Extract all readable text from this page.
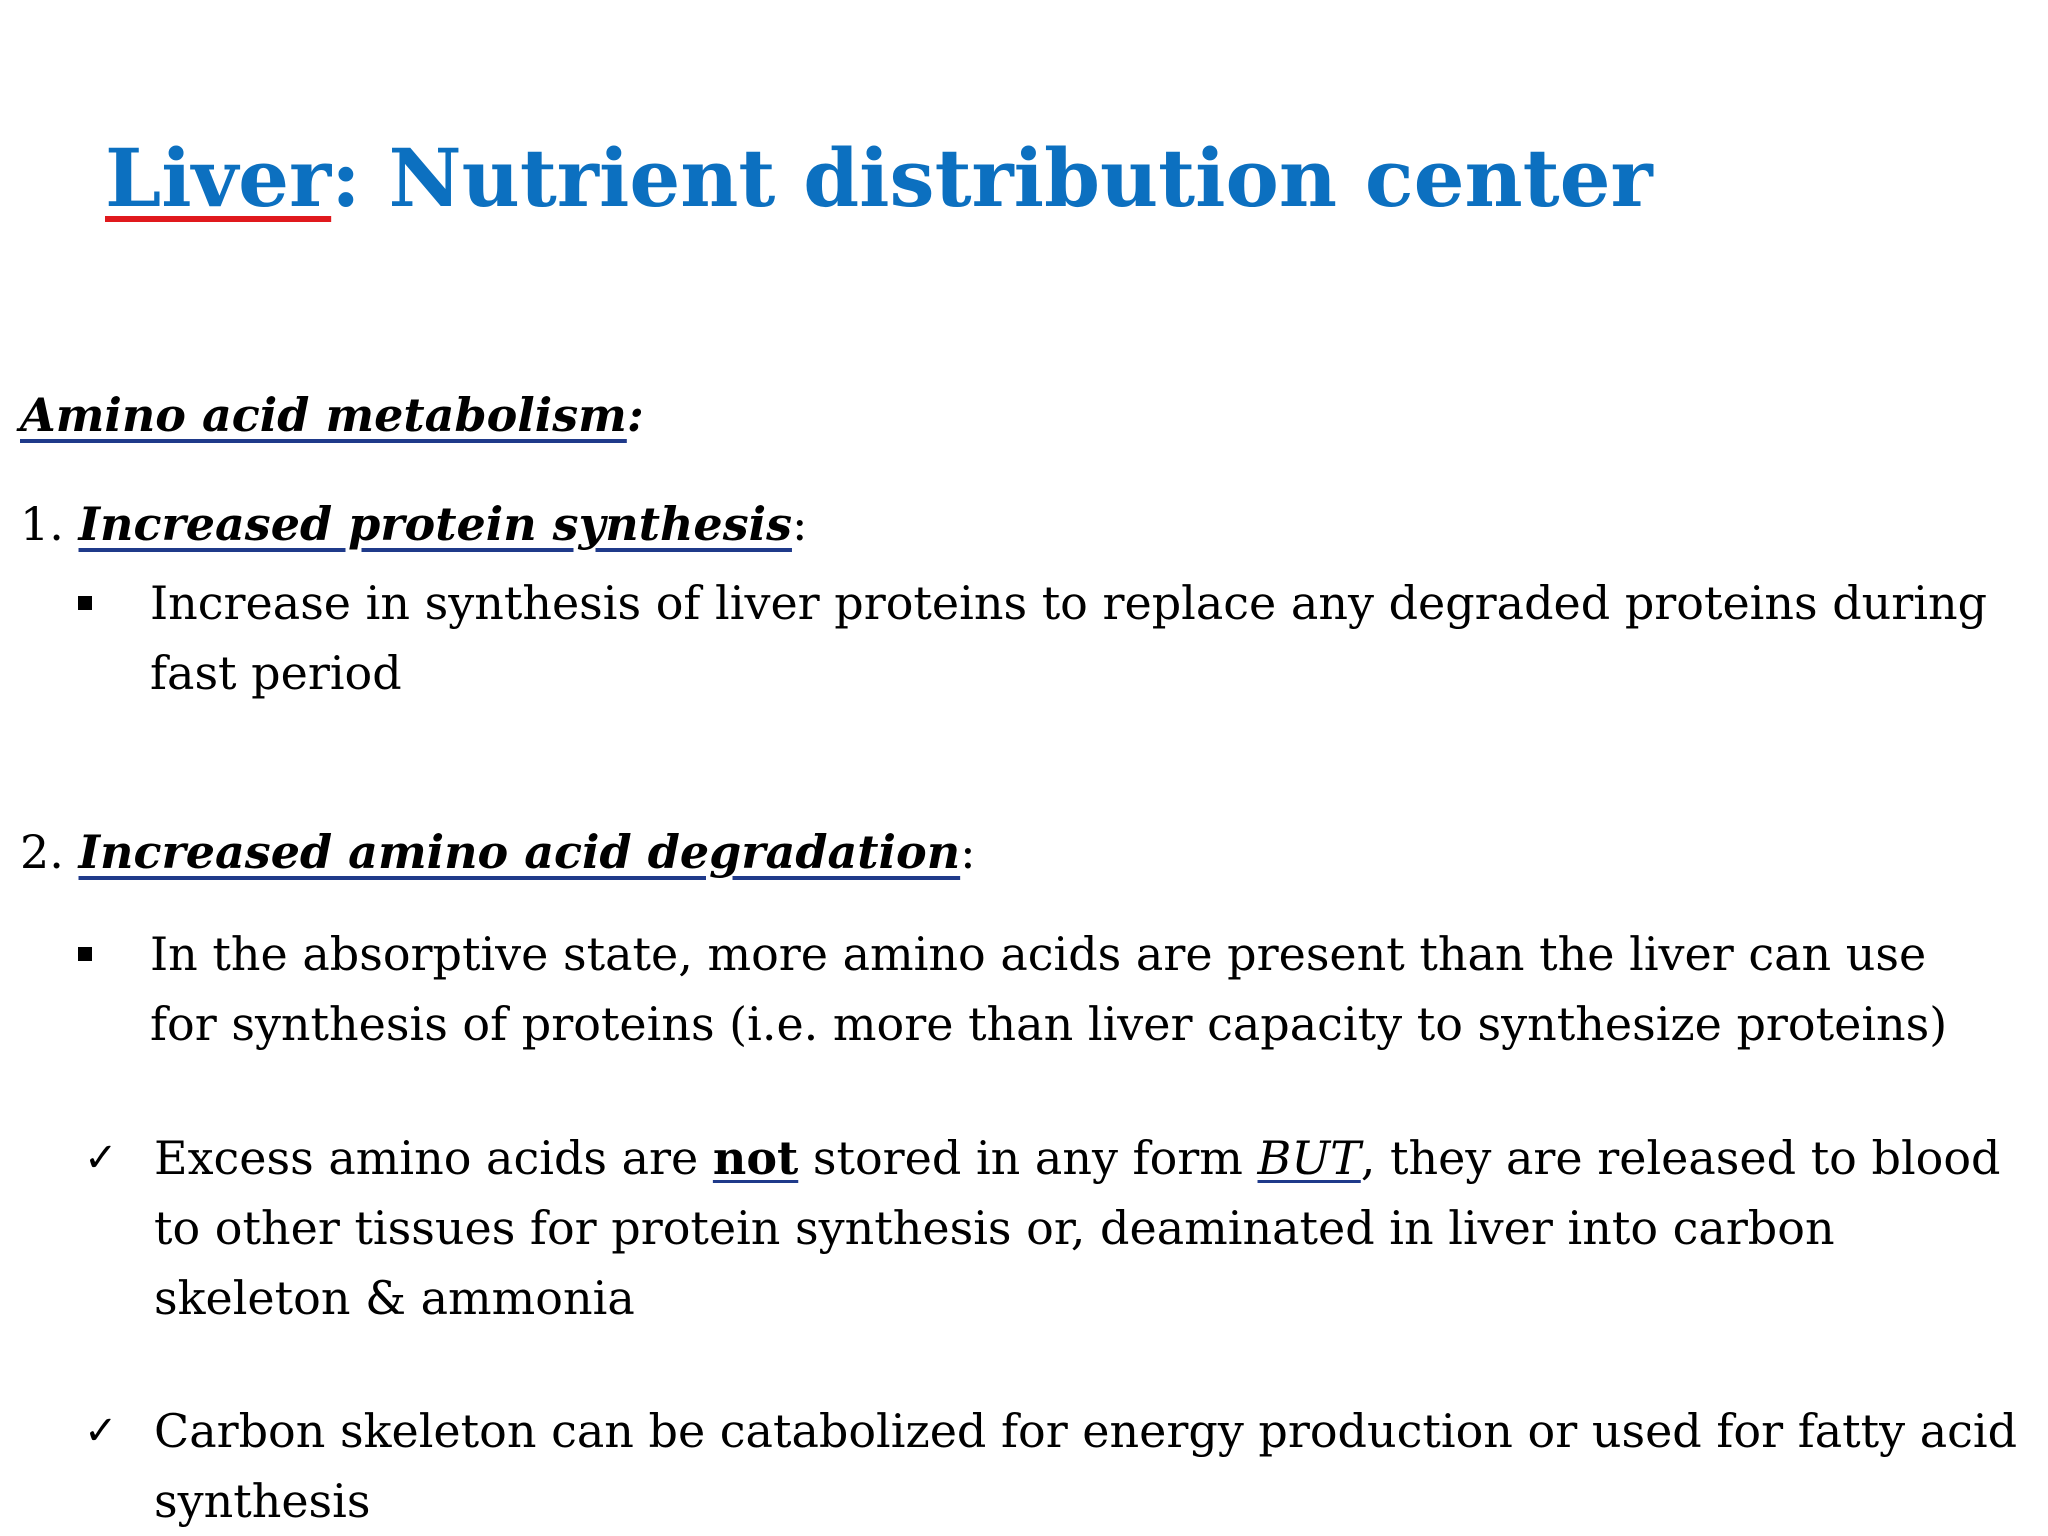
Liver: Nutrient distribution center
Amino acid metabolism:
1. Increased protein synthesis:
Increase in synthesis of liver proteins to replace any degraded proteins during
fast period
2. Increased amino acid degradation:
In the absorptive state, more amino acids are present than the liver can use
for synthesis of proteins (i.e. more than liver capacity to synthesize proteins)
✓ Excess amino acids are not stored in any form BUT, they are released to blood
to other tissues for protein synthesis or, deaminated in liver into carbon
skeleton & ammonia
✓ Carbon skeleton can be catabolized for energy production or used for fatty acid
synthesis
